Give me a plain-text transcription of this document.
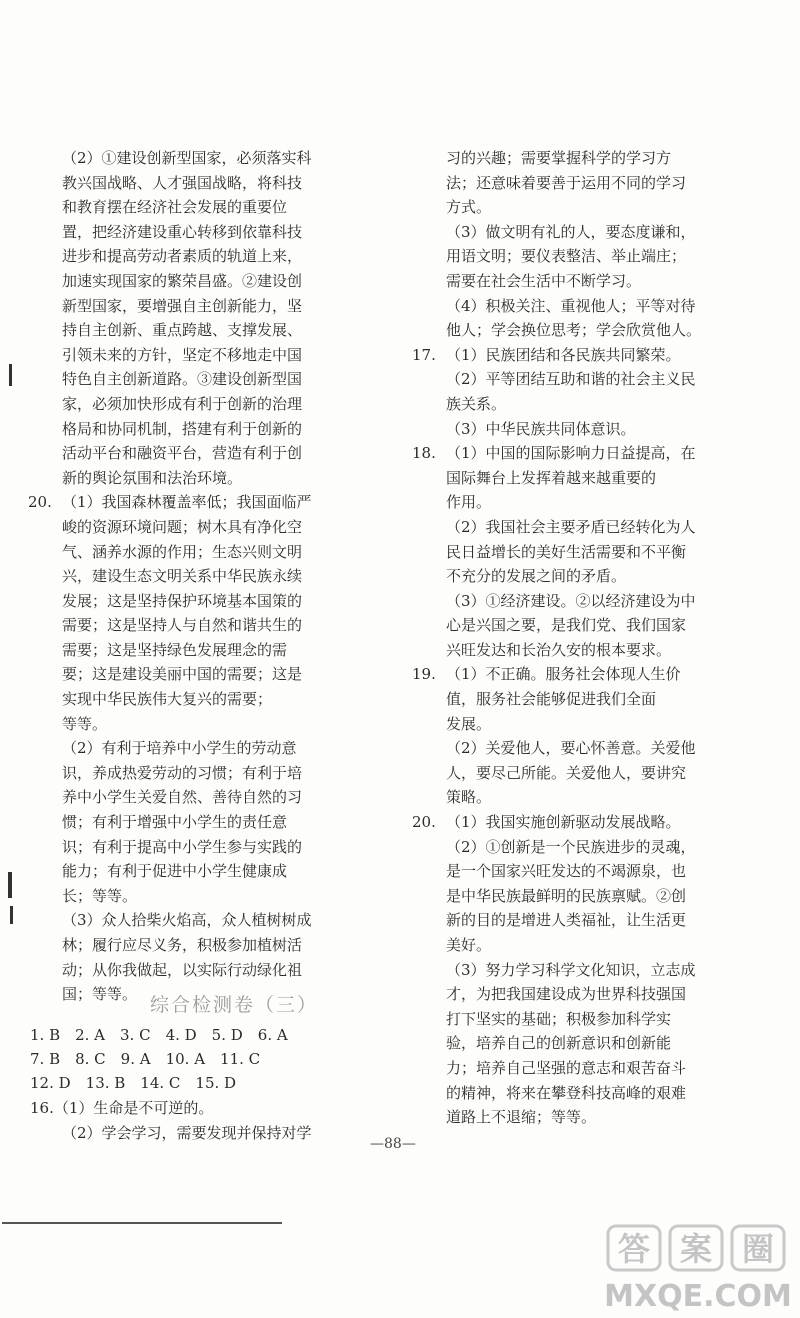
（2）①建设创新型国家，必须落实科
教兴国战略、人才强国战略，将科技
和教育摆在经济社会发展的重要位
置，把经济建设重心转移到依靠科技
进步和提高劳动者素质的轨道上来，
加速实现国家的繁荣昌盛。②建设创
新型国家，要增强自主创新能力，坚
持自主创新、重点跨越、支撑发展、
引领未来的方针，坚定不移地走中国
特色自主创新道路。③建设创新型国
家，必须加快形成有利于创新的治理
格局和协同机制，搭建有利于创新的
活动平台和融资平台，营造有利于创
新的舆论氛围和法治环境。
20. （1）我国森林覆盖率低；我国面临严
峻的资源环境问题；树木具有净化空
气、涵养水源的作用；生态兴则文明
兴，建设生态文明关系中华民族永续
发展；这是坚持保护环境基本国策的
需要；这是坚持人与自然和谐共生的
需要；这是坚持绿色发展理念的需
要；这是建设美丽中国的需要；这是
实现中华民族伟大复兴的需要；
等等。
（2）有利于培养中小学生的劳动意
识，养成热爱劳动的习惯；有利于培
养中小学生关爱自然、善待自然的习
惯；有利于增强中小学生的责任意
识；有利于提高中小学生参与实践的
能力；有利于促进中小学生健康成
长；等等。
（3）众人拾柴火焰高，众人植树树成
林；履行应尽义务，积极参加植树活
动；从你我做起，以实际行动绿化祖
国；等等。 综合检测卷（三）
1. B　2. A　3. C　4. D　5. D　6. A
7. B　8. C　9. A　10. A　11. C
12. D　13. B　14. C　15. D
16.（1）生命是不可逆的。
（2）学会学习，需要发现并保持对学
习的兴趣；需要掌握科学的学习方
法；还意味着要善于运用不同的学习
方式。
（3）做文明有礼的人，要态度谦和，
用语文明；要仪表整洁、举止端庄；
需要在社会生活中不断学习。
（4）积极关注、重视他人；平等对待
他人；学会换位思考；学会欣赏他人。
17. （1）民族团结和各民族共同繁荣。
（2）平等团结互助和谐的社会主义民
族关系。
（3）中华民族共同体意识。
18. （1）中国的国际影响力日益提高，在
国际舞台上发挥着越来越重要的
作用。
（2）我国社会主要矛盾已经转化为人
民日益增长的美好生活需要和不平衡
不充分的发展之间的矛盾。
（3）①经济建设。②以经济建设为中
心是兴国之要，是我们党、我们国家
兴旺发达和长治久安的根本要求。
19. （1）不正确。服务社会体现人生价
值，服务社会能够促进我们全面
发展。
（2）关爱他人，要心怀善意。关爱他
人，要尽己所能。关爱他人，要讲究
策略。
20. （1）我国实施创新驱动发展战略。
（2）①创新是一个民族进步的灵魂，
是一个国家兴旺发达的不竭源泉，也
是中华民族最鲜明的民族禀赋。②创
新的目的是增进人类福祉，让生活更
美好。
（3）努力学习科学文化知识，立志成
才，为把我国建设成为世界科技强国
打下坚实的基础；积极参加科学实
验，培养自己的创新意识和创新能
力；培养自己坚强的意志和艰苦奋斗
的精神，将来在攀登科技高峰的艰难
道路上不退缩；等等。
—88—
答 案 圈
MXQE.COM
